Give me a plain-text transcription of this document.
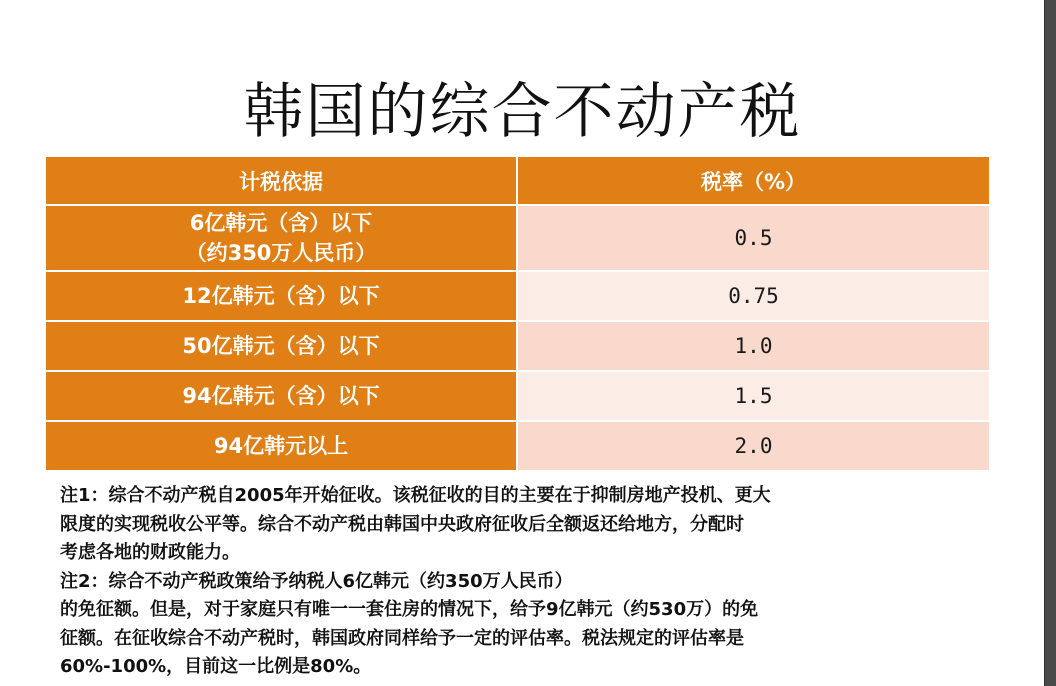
韩国的综合不动产税
计税依据	税率（%）

6亿韩元（含）以下
（约350万人民币）	0.5
12亿韩元（含）以下	0.75
50亿韩元（含）以下	1.0
94亿韩元（含）以下	1.5
94亿韩元以上	2.0

注1：综合不动产税自2005年开始征收。该税征收的目的主要在于抑制房地产投机、更大

限度的实现税收公平等。综合不动产税由韩国中央政府征收后全额返还给地方，分配时

考虑各地的财政能力。

注2：综合不动产税政策给予纳税人6亿韩元（约350万人民币）

的免征额。但是，对于家庭只有唯一一套住房的情况下，给予9亿韩元（约530万）的免

征额。在征收综合不动产税时，韩国政府同样给予一定的评估率。税法规定的评估率是

60%-100%，目前这一比例是80%。
